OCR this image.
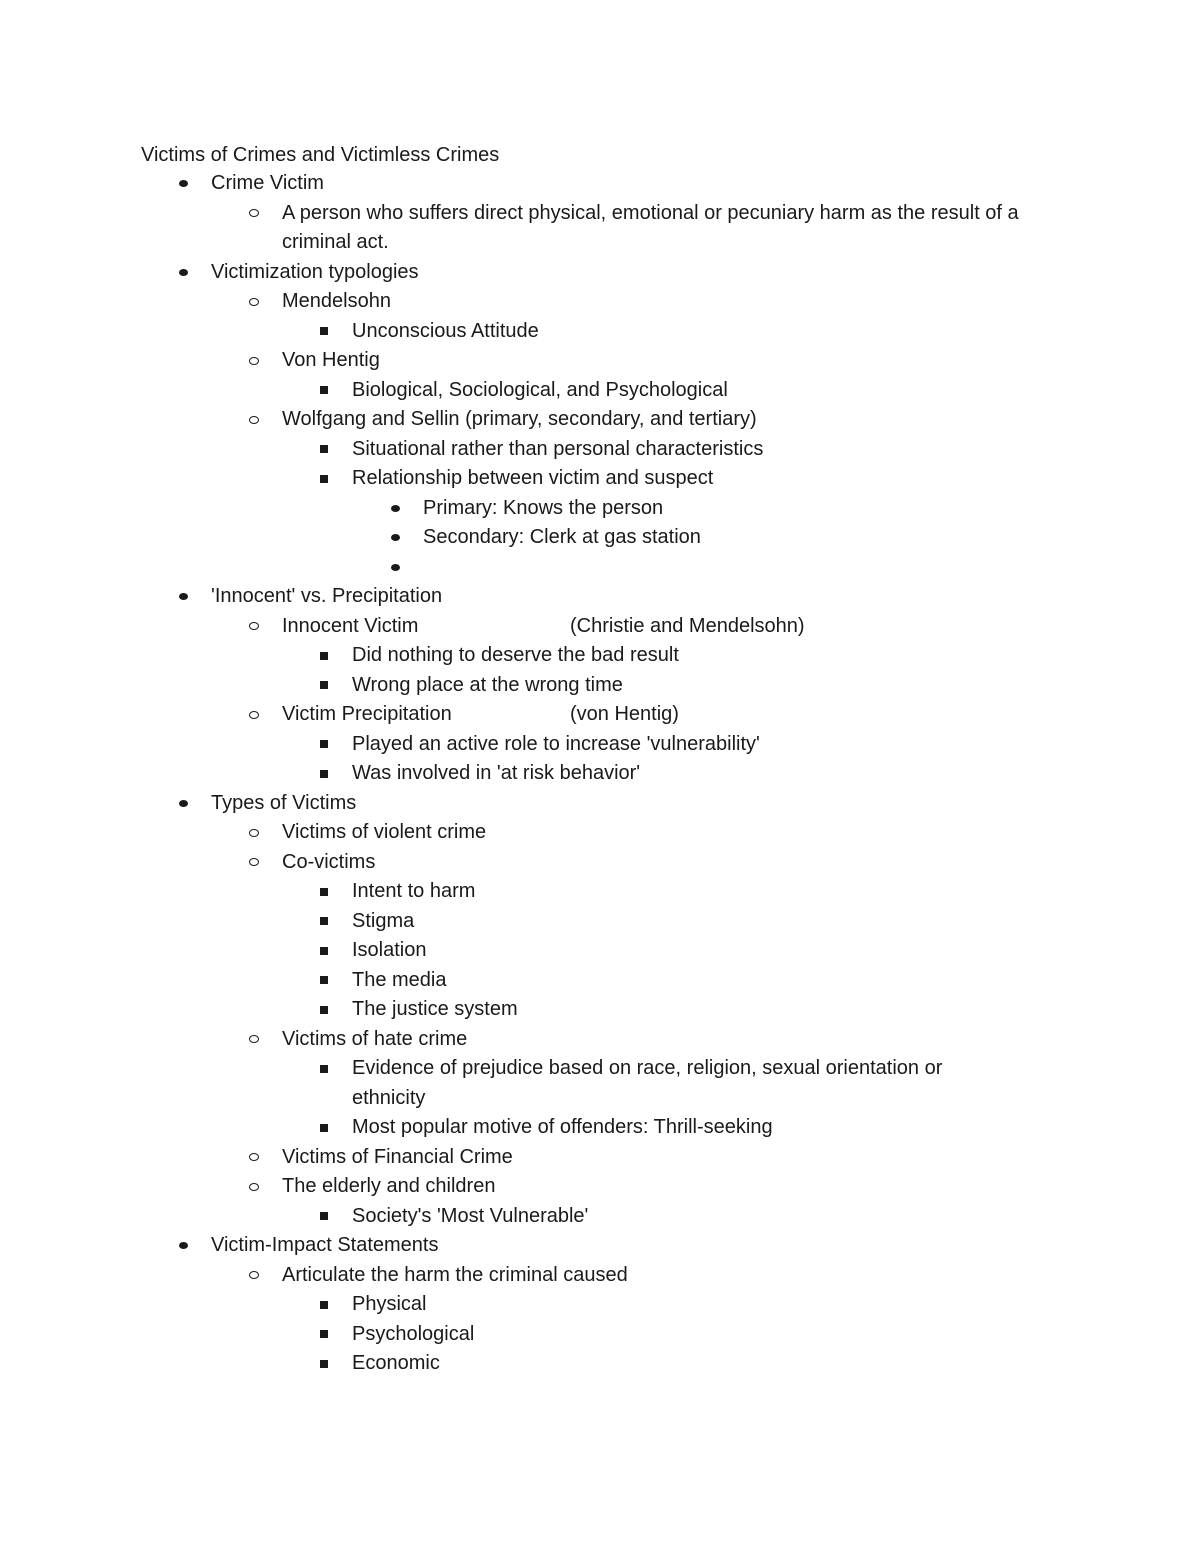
Victims of Crimes and Victimless Crimes
Crime Victim
A person who suffers direct physical, emotional or pecuniary harm as the result of a criminal act.
Victimization typologies
Mendelsohn
Unconscious Attitude
Von Hentig
Biological, Sociological, and Psychological
Wolfgang and Sellin (primary, secondary, and tertiary)
Situational rather than personal characteristics
Relationship between victim and suspect
Primary: Knows the person
Secondary: Clerk at gas station
'Innocent' vs. Precipitation
Innocent Victim	(Christie and Mendelsohn)
Did nothing to deserve the bad result
Wrong place at the wrong time
Victim Precipitation	(von Hentig)
Played an active role to increase 'vulnerability'
Was involved in 'at risk behavior'
Types of Victims
Victims of violent crime
Co-victims
Intent to harm
Stigma
Isolation
The media
The justice system
Victims of hate crime
Evidence of prejudice based on race, religion, sexual orientation or ethnicity
Most popular motive of offenders: Thrill-seeking
Victims of Financial Crime
The elderly and children
Society's 'Most Vulnerable'
Victim-Impact Statements
Articulate the harm the criminal caused
Physical
Psychological
Economic
